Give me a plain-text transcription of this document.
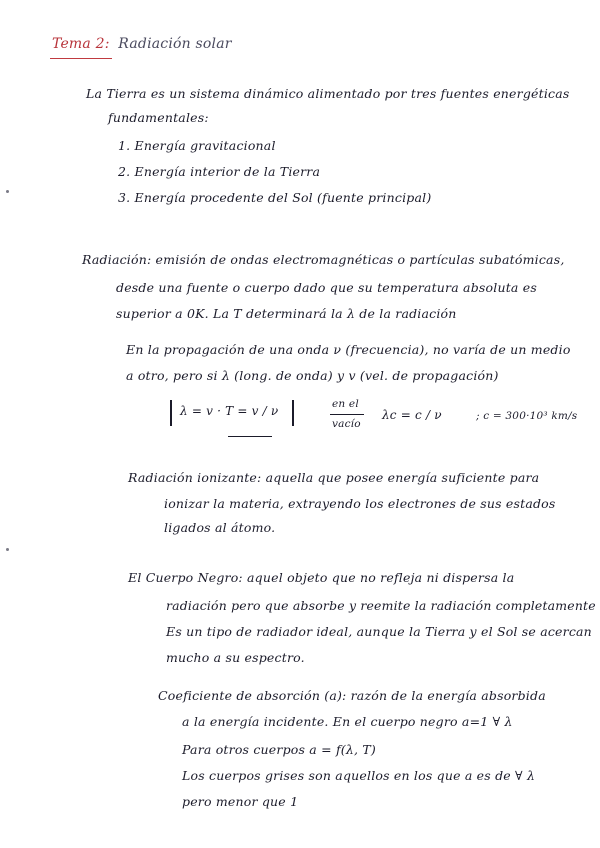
Tema 2: Radiación solar
La Tierra es un sistema dinámico alimentado por tres fuentes energéticas
fundamentales:
1. Energía gravitacional
2. Energía interior de la Tierra
3. Energía procedente del Sol (fuente principal)
Radiación: emisión de ondas electromagnéticas o partículas subatómicas,
desde una fuente o cuerpo dado que su temperatura absoluta es
superior a 0K. La T determinará la λ de la radiación
En la propagación de una onda ν (frecuencia), no varía de un medio
a otro, pero si λ (long. de onda) y v (vel. de propagación)
λ = v · T = v / ν	en el
vacío
λc = c / ν	; c = 300·10³ km/s
Radiación ionizante: aquella que posee energía suficiente para
ionizar la materia, extrayendo los electrones de sus estados
ligados al átomo.
El Cuerpo Negro: aquel objeto que no refleja ni dispersa la
radiación pero que absorbe y reemite la radiación completamente
Es un tipo de radiador ideal, aunque la Tierra y el Sol se acercan
mucho a su espectro.
Coeficiente de absorción (a): razón de la energía absorbida
a la energía incidente. En el cuerpo negro a=1 ∀ λ
Para otros cuerpos a = f(λ, T)
Los cuerpos grises son aquellos en los que a es de ∀ λ
pero menor que 1
